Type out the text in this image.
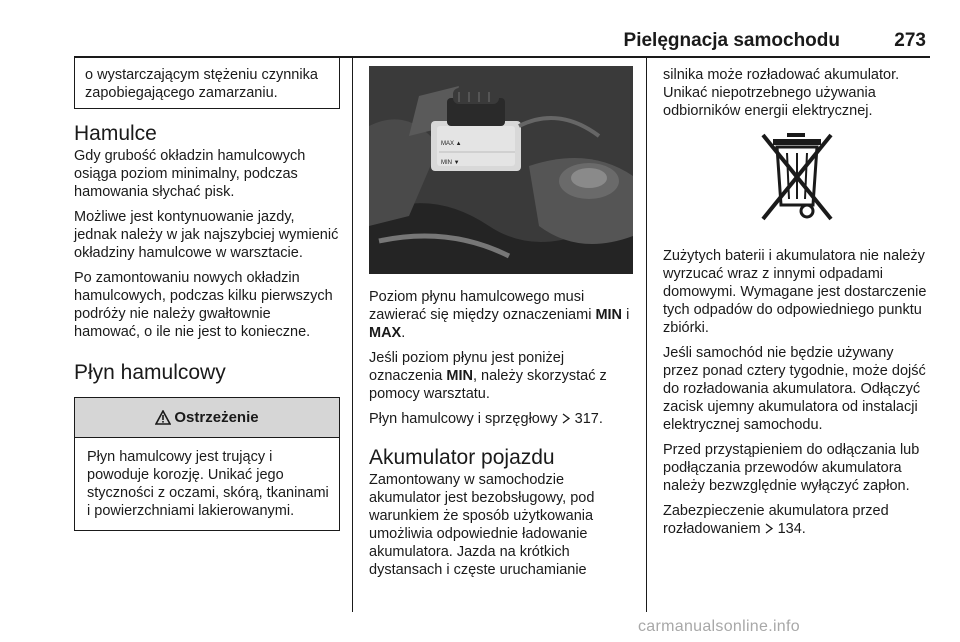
Pielęgnacja samochodu	273
o wystarczającym stężeniu czynnika zapobiegającego zamarzaniu.
Hamulce
Gdy grubość okładzin hamulcowych osiąga poziom minimalny, podczas hamowania słychać pisk.
Możliwe jest kontynuowanie jazdy, jednak należy w jak najszybciej wymienić okładziny hamulcowe w warsztacie.
Po zamontowaniu nowych okładzin hamulcowych, podczas kilku pierwszych podróży nie należy gwałtownie hamować, o ile nie jest to konieczne.
Płyn hamulcowy
Ostrzeżenie
Płyn hamulcowy jest trujący i powoduje korozję. Unikać jego styczności z oczami, skórą, tkaninami i powierzchniami lakierowanymi.
MAX ▲
MIN ▼
Poziom płynu hamulcowego musi zawierać się między oznaczeniami MIN i MAX.
Jeśli poziom płynu jest poniżej oznaczenia MIN, należy skorzystać z pomocy warsztatu.
Płyn hamulcowy i sprzęgłowy  317.
Akumulator pojazdu
Zamontowany w samochodzie akumulator jest bezobsługowy, pod warunkiem że sposób użytkowania umożliwia odpowiednie ładowanie akumulatora. Jazda na krótkich dystansach i częste uruchamianie
silnika może rozładować akumulator. Unikać niepotrzebnego używania odbiorników energii elektrycznej.
Zużytych baterii i akumulatora nie należy wyrzucać wraz z innymi odpadami domowymi. Wymagane jest dostarczenie tych odpadów do odpowiedniego punktu zbiórki.
Jeśli samochód nie będzie używany przez ponad cztery tygodnie, może dojść do rozładowania akumulatora. Odłączyć zacisk ujemny akumulatora od instalacji elektrycznej samochodu.
Przed przystąpieniem do odłączania lub podłączania przewodów akumulatora należy bezwzględnie wyłączyć zapłon.
Zabezpieczenie akumulatora przed rozładowaniem  134.
carmanualsonline.info
